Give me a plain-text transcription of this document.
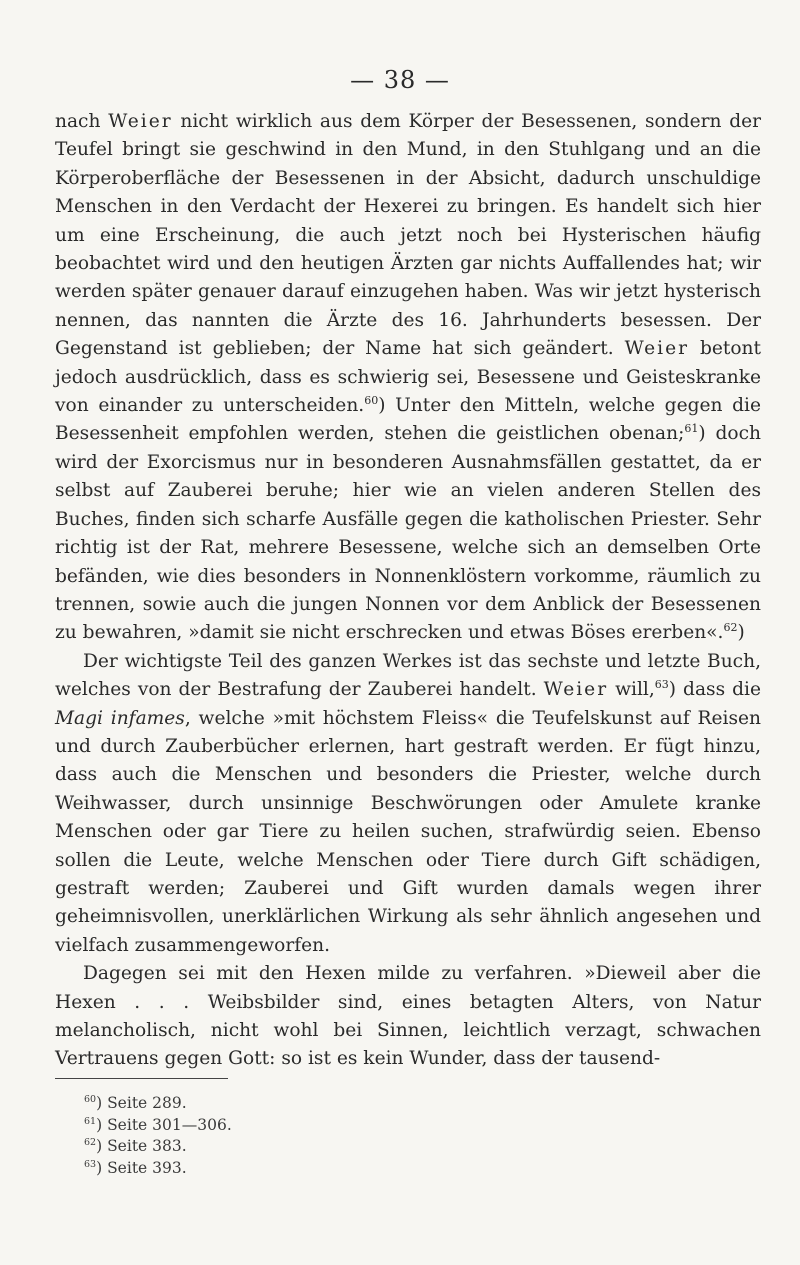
— 38 —

nach Weier nicht wirklich aus dem Körper der Besessenen, sondern der Teufel bringt sie geschwind in den Mund, in den Stuhlgang und an die Körperoberfläche der Besessenen in der Absicht, dadurch unschuldige Menschen in den Verdacht der Hexerei zu bringen. Es handelt sich hier um eine Erscheinung, die auch jetzt noch bei Hysterischen häufig beobachtet wird und den heutigen Ärzten gar nichts Auffallendes hat; wir werden später genauer darauf einzugehen haben. Was wir jetzt hysterisch nennen, das nannten die Ärzte des 16. Jahrhunderts besessen. Der Gegenstand ist geblieben; der Name hat sich geändert. Weier betont jedoch ausdrücklich, dass es schwierig sei, Besessene und Geisteskranke von einander zu unterscheiden.$^{60}$) Unter den Mitteln, welche gegen die Besessenheit empfohlen werden, stehen die geistlichen obenan;$^{61}$) doch wird der Exorcismus nur in besonderen Ausnahmsfällen gestattet, da er selbst auf Zauberei beruhe; hier wie an vielen anderen Stellen des Buches, finden sich scharfe Ausfälle gegen die katholischen Priester. Sehr richtig ist der Rat, mehrere Besessene, welche sich an demselben Orte befänden, wie dies besonders in Nonnenklöstern vorkomme, räumlich zu trennen, sowie auch die jungen Nonnen vor dem Anblick der Besessenen zu bewahren, »damit sie nicht erschrecken und etwas Böses ererben«.$^{62}$)

Der wichtigste Teil des ganzen Werkes ist das sechste und letzte Buch, welches von der Bestrafung der Zauberei handelt. Weier will,$^{63}$) dass die Magi infames, welche »mit höchstem Fleiss« die Teufelskunst auf Reisen und durch Zauberbücher erlernen, hart gestraft werden. Er fügt hinzu, dass auch die Menschen und besonders die Priester, welche durch Weihwasser, durch unsinnige Beschwörungen oder Amulete kranke Menschen oder gar Tiere zu heilen suchen, strafwürdig seien. Ebenso sollen die Leute, welche Menschen oder Tiere durch Gift schädigen, gestraft werden; Zauberei und Gift wurden damals wegen ihrer geheimnisvollen, unerklärlichen Wirkung als sehr ähnlich angesehen und vielfach zusammengeworfen.

Dagegen sei mit den Hexen milde zu verfahren. »Dieweil aber die Hexen . . . Weibsbilder sind, eines betagten Alters, von Natur melancholisch, nicht wohl bei Sinnen, leichtlich verzagt, schwachen Vertrauens gegen Gott: so ist es kein Wunder, dass der tausend-

$^{60}$) Seite 289.
$^{61}$) Seite 301—306.
$^{62}$) Seite 383.
$^{63}$) Seite 393.
